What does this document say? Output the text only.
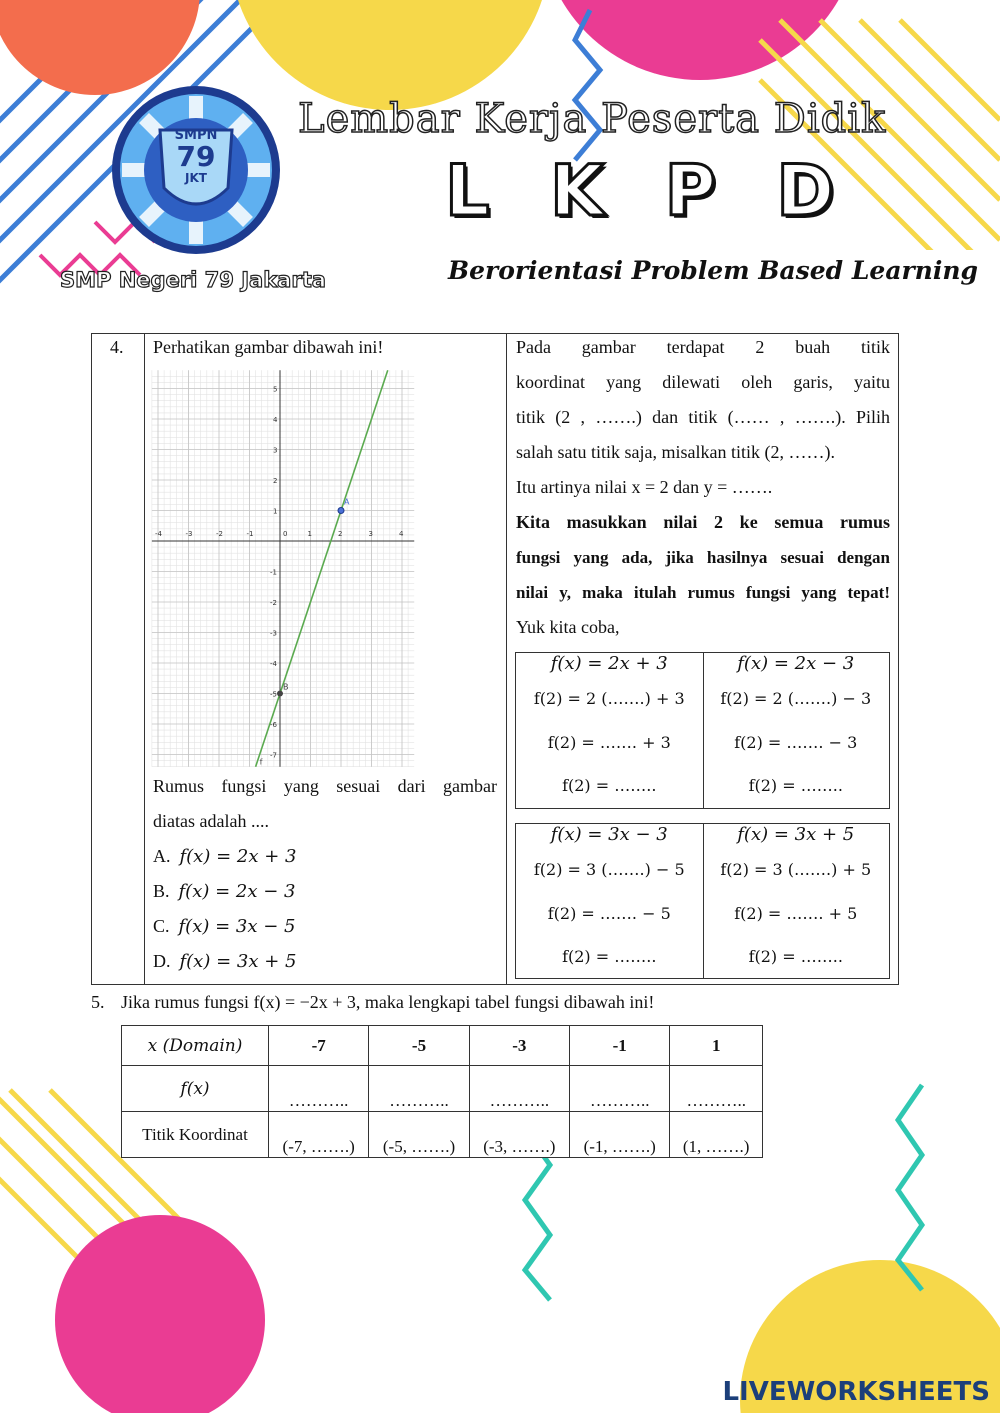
SMPN
79
JKT
Lembar Kerja Peserta Didik
L K P D
Berorientasi Problem Based Learning
SMP Negeri 79 Jakarta
4. Perhatikan gambar dibawah ini!
-4	-3	-2	-1	0	1	2	3	4
5
4
3
2
1
-1
-2
-3
-4
-5
-6
-7
f
A
B
Rumus fungsi yang sesuai dari gambar
diatas adalah ....
A. f(x) = 2x + 3
B. f(x) = 2x − 3
C. f(x) = 3x − 5
D. f(x) = 3x + 5
Pada gambar terdapat 2 buah titik
koordinat yang dilewati oleh garis, yaitu
titik (2 , …….) dan titik (…… , …….). Pilih
salah satu titik saja, misalkan titik (2, ……).
Itu artinya nilai x = 2 dan y = …….
Kita masukkan nilai 2 ke semua rumus
fungsi yang ada, jika hasilnya sesuai dengan
nilai y, maka itulah rumus fungsi yang tepat!
Yuk kita coba,
f(x) = 2x + 3
f(2) = 2 (…….) + 3
f(2) = ……. + 3
f(2) = ……..
f(x) = 2x − 3
f(2) = 2 (…….) − 3
f(2) = ……. − 3
f(2) = ……..
f(x) = 3x − 3
f(2) = 3 (…….) − 5
f(2) = ……. − 5
f(2) = ……..
f(x) = 3x + 5
f(2) = 3 (…….) + 5
f(2) = ……. + 5
f(2) = ……..
5. Jika rumus fungsi f(x) = −2x + 3, maka lengkapi tabel fungsi dibawah ini!
x (Domain)	-7	-5	-3	-1	1
f(x)	………..	………..	………..	………..	………..
Titik Koordinat	(-7, …….)	(-5, …….)	(-3, …….)	(-1, …….)	(1, …….)
LIVEWORKSHEETS
